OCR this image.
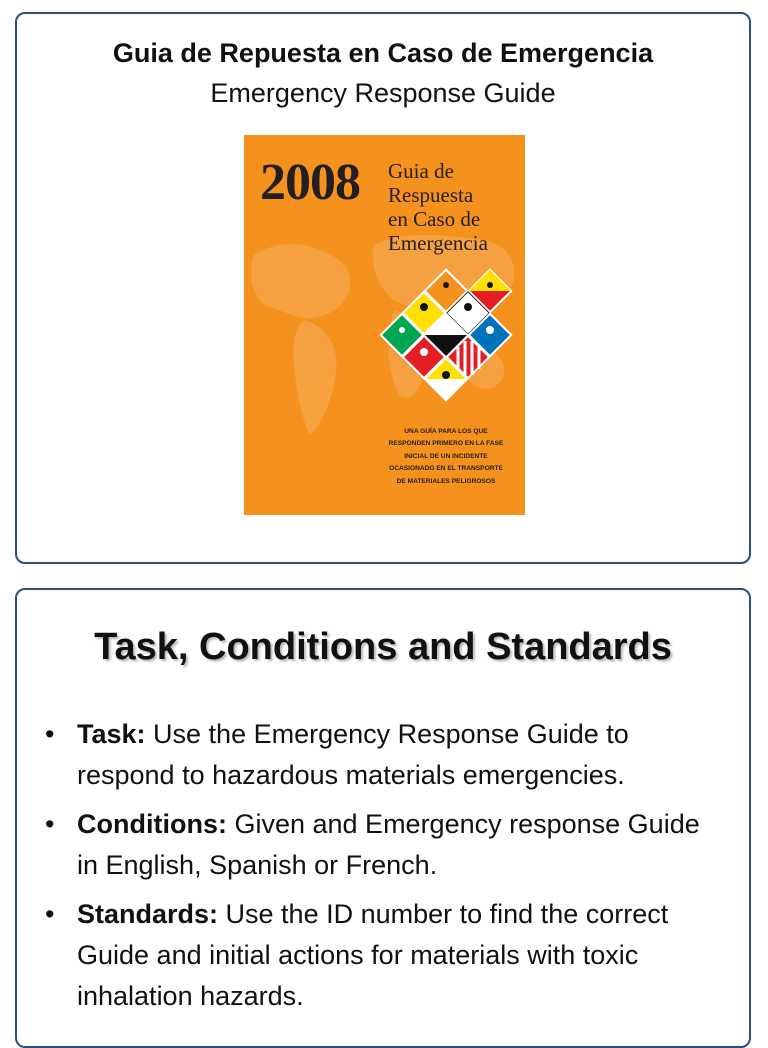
Guia de Repuesta en Caso de Emergencia
Emergency Response Guide
2008 Guia de
Respuesta
en Caso de
Emergencia
UNA GUÍA PARA LOS QUE
RESPONDEN PRIMERO EN LA FASE
INICIAL DE UN INCIDENTE
OCASIONADO EN EL TRANSPORTE
DE MATERIALES PELIGROSOS
Task, Conditions and Standards
• Task: Use the Emergency Response Guide to respond to hazardous materials emergencies.
• Conditions: Given and Emergency response Guide in English, Spanish or French.
• Standards: Use the ID number to find the correct Guide and initial actions for materials with toxic inhalation hazards.
